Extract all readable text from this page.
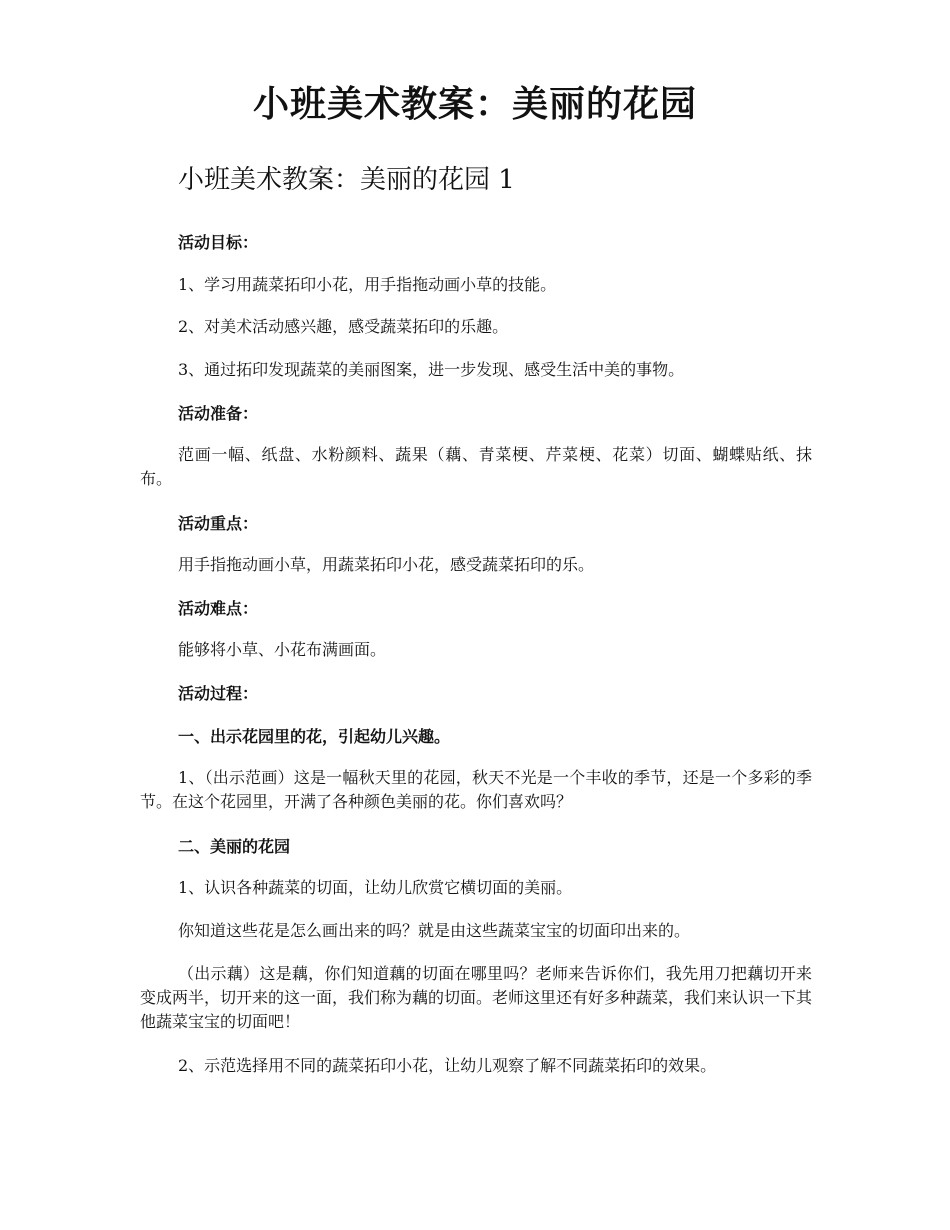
小班美术教案：美丽的花园
小班美术教案：美丽的花园 1

活动目标：

1、学习用蔬菜拓印小花，用手指拖动画小草的技能。

2、对美术活动感兴趣，感受蔬菜拓印的乐趣。

3、通过拓印发现蔬菜的美丽图案，进一步发现、感受生活中美的事物。

活动准备：

范画一幅、纸盘、水粉颜料、蔬果（藕、青菜梗、芹菜梗、花菜）切面、蝴蝶贴纸、抹布。

活动重点：

用手指拖动画小草，用蔬菜拓印小花，感受蔬菜拓印的乐。

活动难点：

能够将小草、小花布满画面。

活动过程：

一、出示花园里的花，引起幼儿兴趣。

1、（出示范画）这是一幅秋天里的花园，秋天不光是一个丰收的季节，还是一个多彩的季节。在这个花园里，开满了各种颜色美丽的花。你们喜欢吗？

二、美丽的花园

1、认识各种蔬菜的切面，让幼儿欣赏它横切面的美丽。

你知道这些花是怎么画出来的吗？就是由这些蔬菜宝宝的切面印出来的。

（出示藕）这是藕，你们知道藕的切面在哪里吗？老师来告诉你们，我先用刀把藕切开来变成两半，切开来的这一面，我们称为藕的切面。老师这里还有好多种蔬菜，我们来认识一下其他蔬菜宝宝的切面吧！

2、示范选择用不同的蔬菜拓印小花，让幼儿观察了解不同蔬菜拓印的效果。
